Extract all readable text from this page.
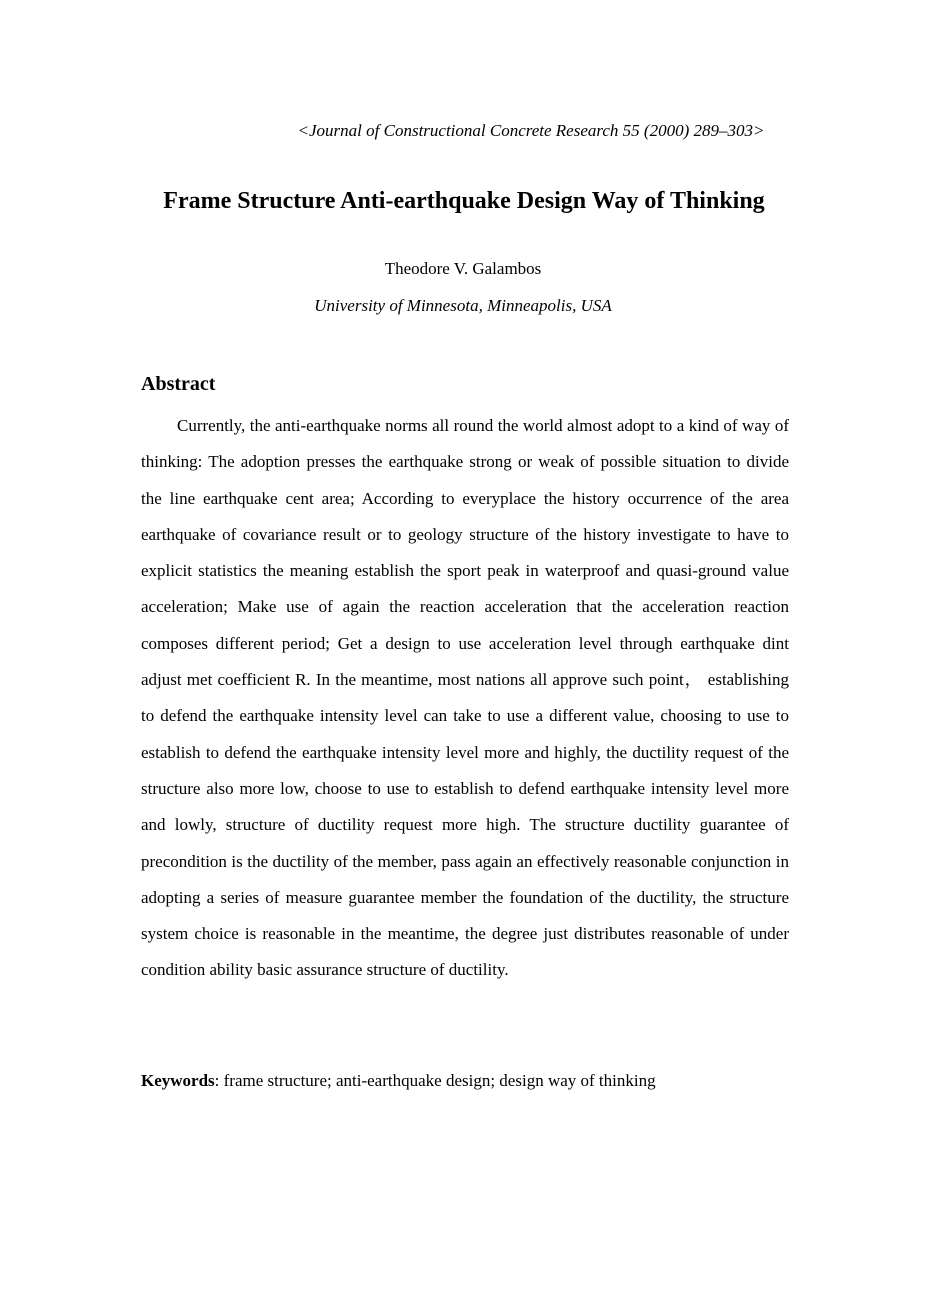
<Journal of Constructional Concrete Research 55 (2000) 289–303>
Frame Structure Anti-earthquake Design Way of Thinking
Theodore V. Galambos
University of Minnesota, Minneapolis, USA
Abstract

Currently, the anti-earthquake norms all round the world almost adopt to a kind of way of thinking: The adoption presses the earthquake strong or weak of possible situation to divide the line earthquake cent area; According to everyplace the history occurrence of the area earthquake of covariance result or to geology structure of the history investigate to have to explicit statistics the meaning establish the sport peak in waterproof and quasi-ground value acceleration; Make use of again the reaction acceleration that the acceleration reaction composes different period; Get a design to use acceleration level through earthquake dint adjust met coefficient R. In the meantime, most nations all approve such point， establishing to defend the earthquake intensity level can take to use a different value, choosing to use to establish to defend the earthquake intensity level more and highly, the ductility request of the structure also more low, choose to use to establish to defend earthquake intensity level more and lowly, structure of ductility request more high. The structure ductility guarantee of precondition is the ductility of the member, pass again an effectively reasonable conjunction in adopting a series of measure guarantee member the foundation of the ductility, the structure system choice is reasonable in the meantime, the degree just distributes reasonable of under condition ability basic assurance structure of ductility.

Keywords: frame structure; anti-earthquake design; design way of thinking
